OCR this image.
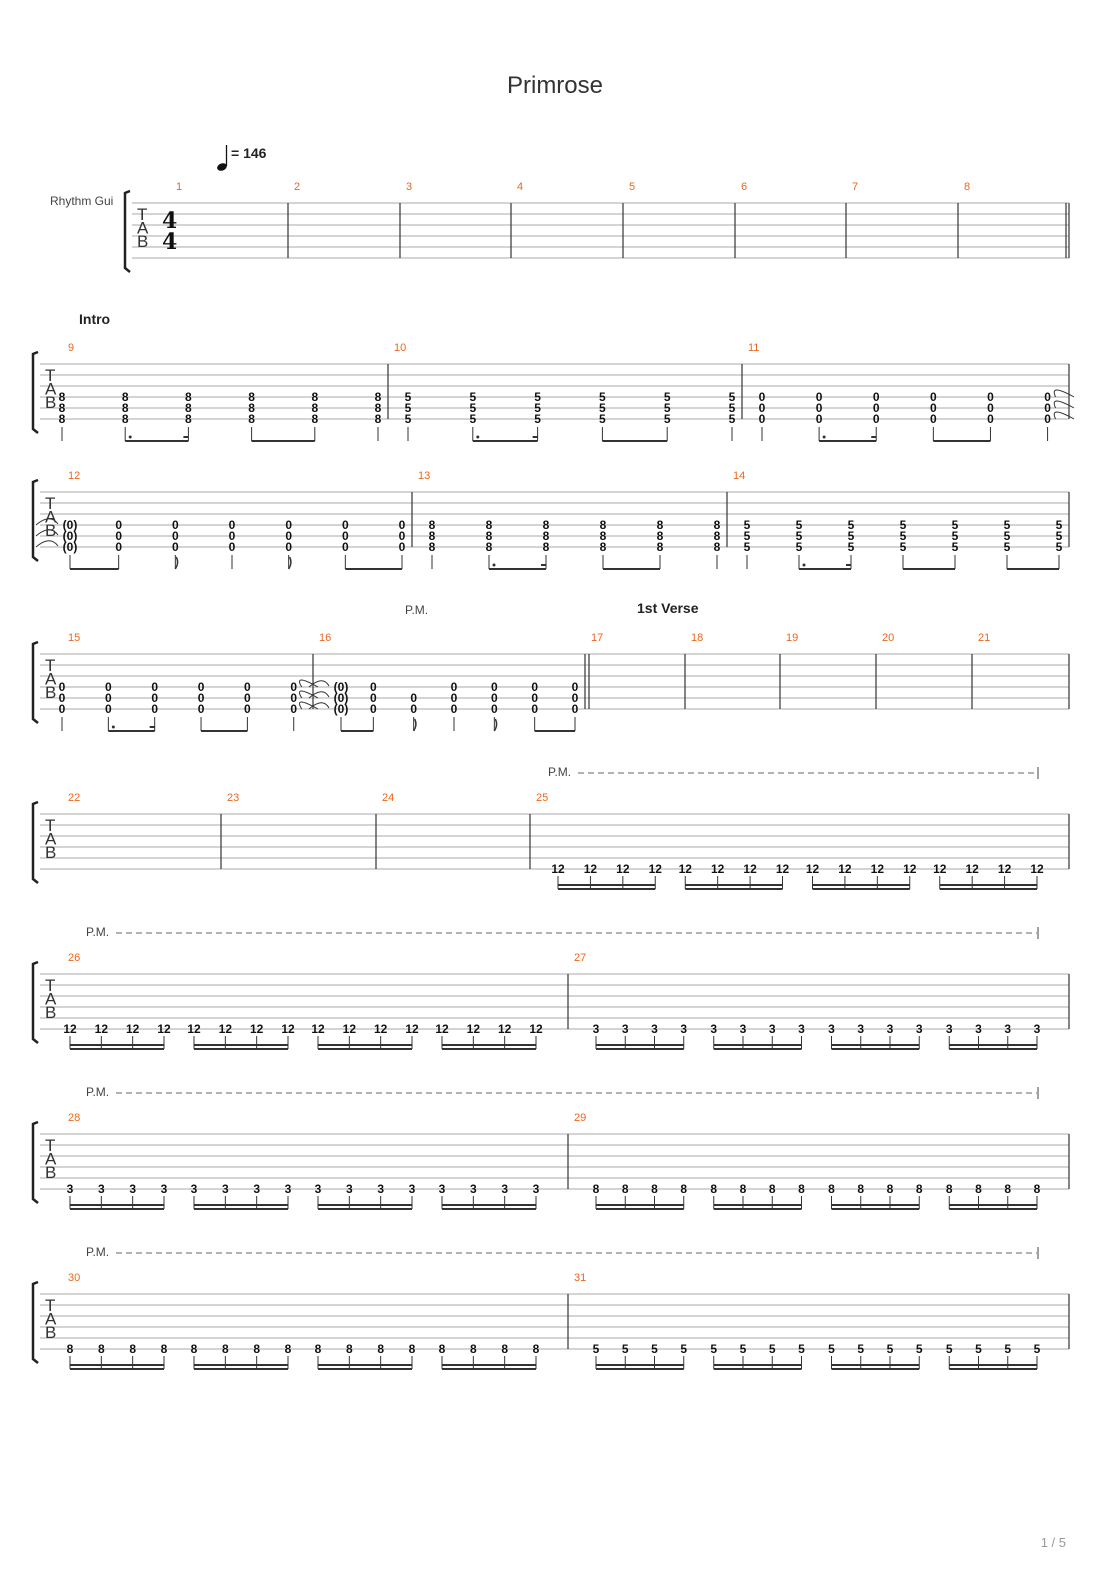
Primrose
= 146
Rhythm Gui
1 / 5
T
A
B
4
4
1	2	3	4	5	6	7	8
T
A
B
Intro
9
8
8
8
8
8
8
8
8
8
8
8
8
8
8
8
8
8
8
10
5
5
5
5
5
5
5
5
5
5
5
5
5
5
5
5
5
5
11
0
0
0
0
0
0
0
0
0
0
0
0
0
0
0
0
0
0
T
A
B
12
(0)
(0)
(0)
0
0
0
0
0
0
0
0
0
0
0
0
0
0
0
0
0
0
13
8
8
8
8
8
8
8
8
8
8
8
8
8
8
8
8
8
8
14
5
5
5
5
5
5
5
5
5
5
5
5
5
5
5
5
5
5
5
5
5
T
A
B
P.M.	1st Verse
15
0
0
0
0
0
0
0
0
0
0
0
0
0
0
0
0
0
0
16
(0)
(0)
(0)
0
0
0
0
0
0
0
0
0
0
0
0
0
0
0
0
0
17	18	19	20	21
T
A
B
P.M.
22	23	24	25
12 12 12 12 12 12 12 12 12 12 12 12 12 12 12 12
T
A
B
P.M.
26
12 12 12 12 12 12 12 12 12 12 12 12 12 12 12 12
27
3 3 3 3 3 3 3 3 3 3 3 3 3 3 3 3
T
A
B
P.M.
28
3 3 3 3 3 3 3 3 3 3 3 3 3 3 3 3
29
8 8 8 8 8 8 8 8 8 8 8 8 8 8 8 8
T
A
B
P.M.
30
8 8 8 8 8 8 8 8 8 8 8 8 8 8 8 8
31
5 5 5 5 5 5 5 5 5 5 5 5 5 5 5 5
